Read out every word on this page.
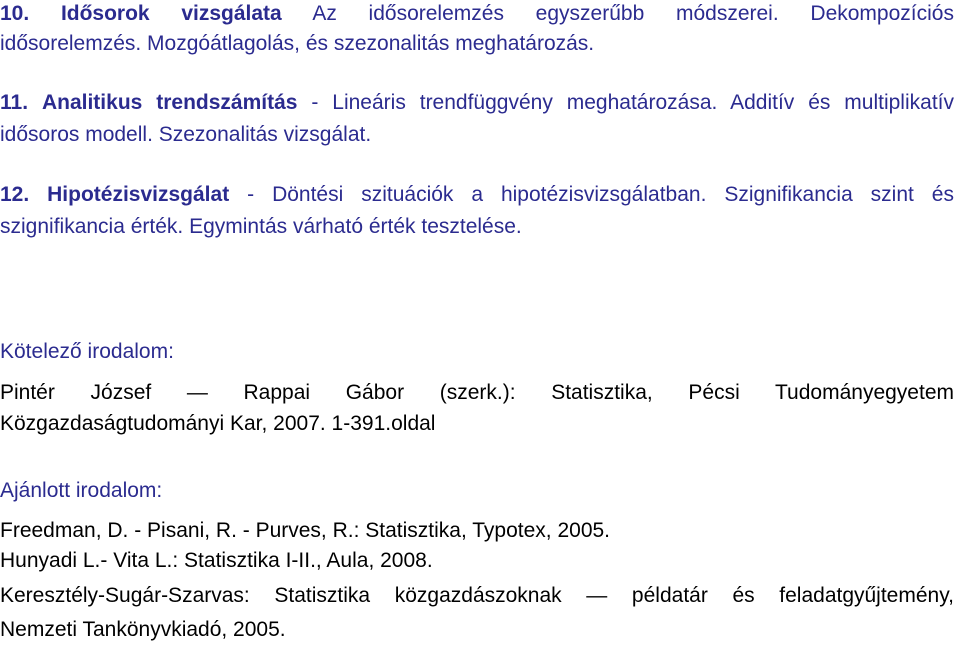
10. Idősorok vizsgálata Az idősorelemzés egyszerűbb módszerei. Dekompozíciós
idősorelemzés. Mozgóátlagolás, és szezonalitás meghatározás.
11. Analitikus trendszámítás - Lineáris trendfüggvény meghatározása. Additív és multiplikatív
idősoros modell. Szezonalitás vizsgálat.
12. Hipotézisvizsgálat - Döntési szituációk a hipotézisvizsgálatban. Szignifikancia szint és
szignifikancia érték. Egymintás várható érték tesztelése.
Kötelező irodalom:
Pintér József — Rappai Gábor (szerk.): Statisztika, Pécsi Tudományegyetem
Közgazdaságtudományi Kar, 2007. 1-391.oldal
Ajánlott irodalom:
Freedman, D. - Pisani, R. - Purves, R.: Statisztika, Typotex, 2005.
Hunyadi L.- Vita L.: Statisztika I-II., Aula, 2008.
Keresztély-Sugár-Szarvas: Statisztika közgazdászoknak — példatár és feladatgyűjtemény,
Nemzeti Tankönyvkiadó, 2005.
